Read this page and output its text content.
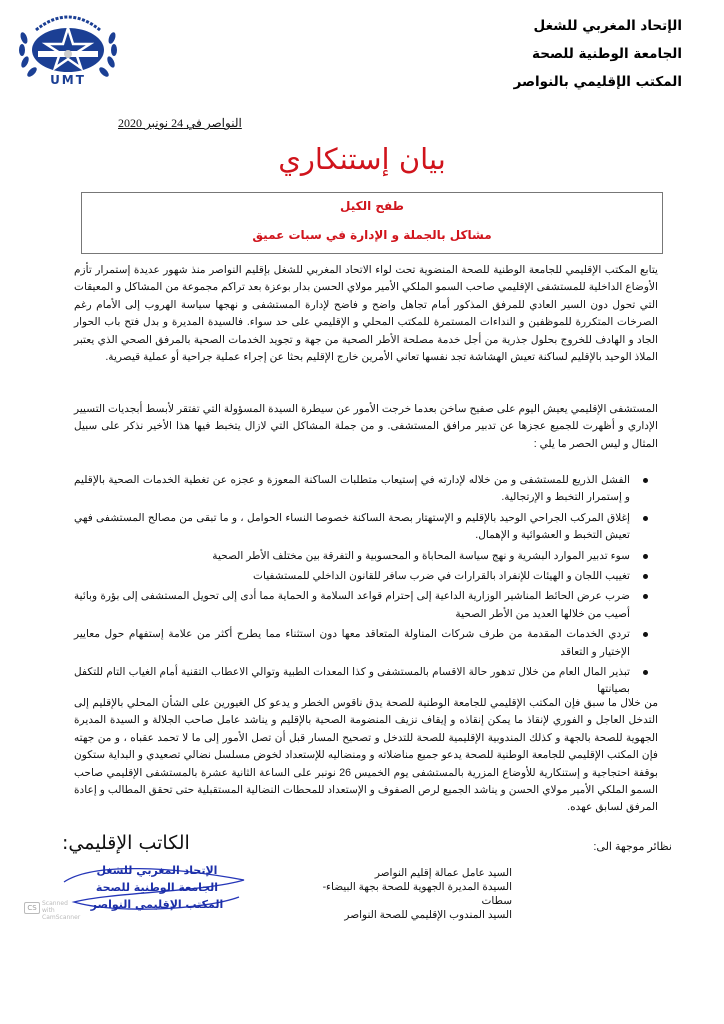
UMT
الإتحاد المغربي للشغل
الجامعة الوطنية للصحة
المكتب الإقليمي بالنواصر
النواصر في 24 نونبر 2020
بيان إستنكاري
طفح الكيل
مشاكل بالجملة و الإدارة في سبات عميق
يتابع المكتب الإقليمي للجامعة الوطنية للصحة المنضوية تحت لواء الاتحاد المغربي للشغل بإقليم النواصر منذ شهور عديدة إستمرار تأزم الأوضاع الداخلية للمستشفى الإقليمي صاحب السمو الملكي الأمير مولاي الحسن بدار بوعزة بعد تراكم مجموعة من المشاكل و المعيقات التي تحول دون السير العادي للمرفق المذكور أمام تجاهل واضح و فاضح لإدارة المستشفى و نهجها سياسة الهروب إلى الأمام رغم الصرخات المتكررة للموظفين و النداءات المستمرة للمكتب المحلي و الإقليمي على حد سواء. فالسيدة المديرة و بدل فتح باب الحوار الجاد و الهادف للخروج بحلول جذرية من أجل خدمة مصلحة الأطر الصحية من جهة و تجويد الخدمات الصحية بالمرفق الصحي الذي يعتبر الملاذ الوحيد بالإقليم لساكنة تعيش الهشاشة تجد نفسها تعاني الأمرين خارج الإقليم بحثا عن إجراء عملية جراحية أو عملية قيصرية.
المستشفى الإقليمي يعيش اليوم على صفيح ساخن بعدما خرجت الأمور عن سيطرة السيدة المسؤولة التي تفتقر لأبسط أبجديات التسيير الإداري و أظهرت للجميع عجزها عن تدبير مرافق المستشفى. و من جملة المشاكل التي لازال يتخبط فيها هذا الأخير نذكر على سبيل المثال و ليس الحصر ما يلي :
الفشل الذريع للمستشفى و من خلاله لإدارته في إستيعاب متطلبات الساكنة المعوزة و عجزه عن تغطية الخدمات الصحية بالإقليم و إستمرار التخبط و الإرتجالية.
إغلاق المركب الجراحي الوحيد بالإقليم و الإستهتار بصحة الساكنة خصوصا النساء الحوامل ، و ما تبقى من مصالح المستشفى فهي تعيش التخبط و العشوائية و الإهمال.
سوء تدبير الموارد البشرية و نهج سياسة المحاباة و المحسوبية و التفرقة بين مختلف الأطر الصحية
تغييب اللجان و الهيئات للإنفراد بالقرارات في ضرب سافر للقانون الداخلي للمستشفيات
ضرب عرض الحائط المناشير الوزارية الداعية إلى إحترام قواعد السلامة و الحماية مما أدى إلى تحويل المستشفى إلى بؤرة وبائية أصيب من خلالها العديد من الأطر الصحية
تردي الخدمات المقدمة من طرف شركات المناولة المتعاقد معها دون استثناء مما يطرح أكثر من علامة إستفهام حول معايير الإختيار و التعاقد
تبذير المال العام من خلال تدهور حالة الاقسام بالمستشفى و كذا المعدات الطبية وتوالي الاعطاب التقنية أمام الغياب التام للتكفل بصيانتها
من خلال ما سبق فإن المكتب الإقليمي للجامعة الوطنية للصحة يدق ناقوس الخطر و يدعو كل الغيورين على الشأن المحلي بالإقليم إلى التدخل العاجل و الفوري لإنقاذ ما يمكن إنقاذه و إيقاف نزيف المنضومة الصحية بالإقليم و يناشد عامل صاحب الجلالة و السيدة المديرة الجهوية للصحة بالجهة و كذلك المندوبية الإقليمية للصحة للتدخل و تصحيح المسار قبل أن تصل الأمور إلى ما لا تحمد عقباه ، و من جهته فإن المكتب الإقليمي للجامعة الوطنية للصحة يدعو جميع مناضلاته و ومنضاليه للإستعداد لخوض مسلسل نضالي تصعيدي و البداية ستكون بوقفة احتجاجية و إستنكارية للأوضاع المزرية بالمستشفى يوم الخميس 26 نونبر على الساعة الثانية عشرة بالمستشفى الإقليمي صاحب السمو الملكي الأمير مولاي الحسن و يناشد الجميع لرص الصفوف و الإستعداد للمحطات النضالية المستقبلية حتى تحقق المطالب و إعادة المرفق لسابق عهده.
نظائر موجهة الى:
السيد عامل عمالة إقليم النواصر
السيدة المديرة الجهوية للصحة بجهة البيضاء- سطات
السيد المندوب الإقليمي للصحة النواصر
الكاتب الإقليمي:
الإتحاد المغربي للشغل
الجامعة الوطنية للصحة
المكتب الإقليمي النواصر
CS
Scanned with CamScanner
